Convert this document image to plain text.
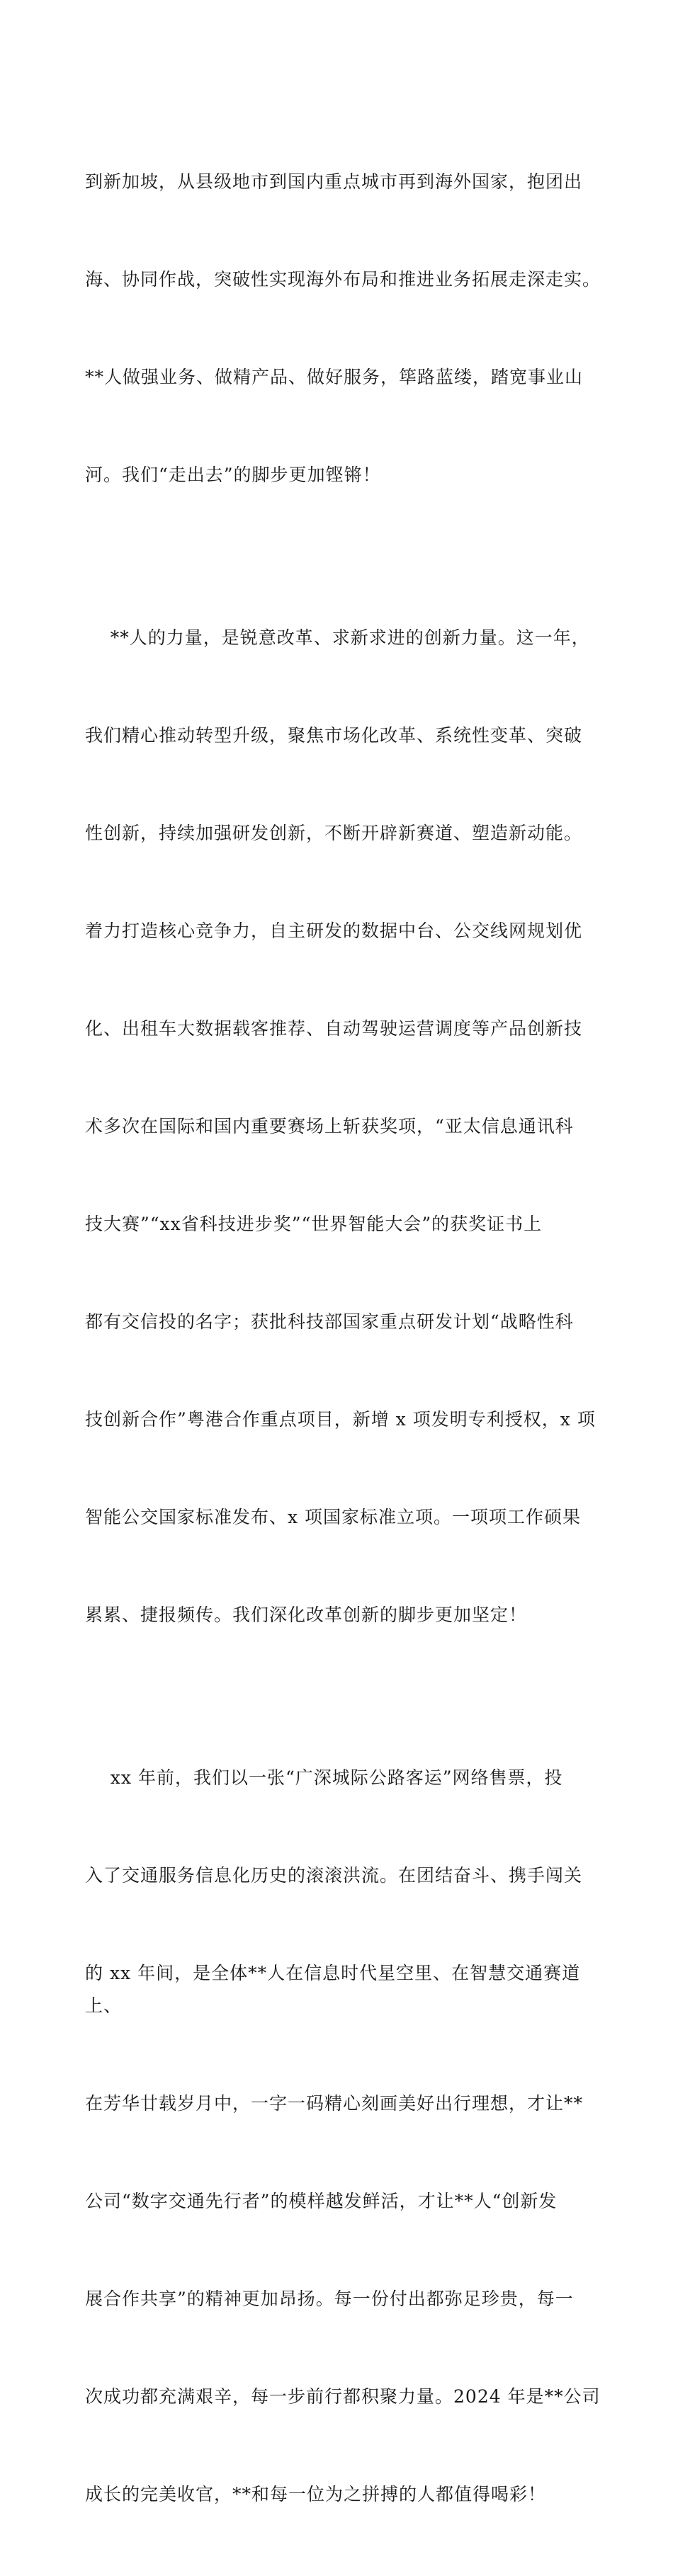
到新加坡，从县级地市到国内重点城市再到海外国家，抱团出

海、协同作战，突破性实现海外布局和推进业务拓展走深走实。

**人做强业务、做精产品、做好服务，筚路蓝缕，踏宽事业山

河。我们“走出去”的脚步更加铿锵！

**人的力量，是锐意改革、求新求进的创新力量。这一年，

我们精心推动转型升级，聚焦市场化改革、系统性变革、突破

性创新，持续加强研发创新，不断开辟新赛道、塑造新动能。

着力打造核心竞争力，自主研发的数据中台、公交线网规划优

化、出租车大数据载客推荐、自动驾驶运营调度等产品创新技

术多次在国际和国内重要赛场上斩获奖项，“亚太信息通讯科

技大赛”“xx省科技进步奖”“世界智能大会”的获奖证书上

都有交信投的名字；获批科技部国家重点研发计划“战略性科

技创新合作”粤港合作重点项目，新增 x 项发明专利授权，x 项

智能公交国家标准发布、x 项国家标准立项。一项项工作硕果

累累、捷报频传。我们深化改革创新的脚步更加坚定！

xx 年前，我们以一张“广深城际公路客运”网络售票，投

入了交通服务信息化历史的滚滚洪流。在团结奋斗、携手闯关

的 xx 年间，是全体**人在信息时代星空里、在智慧交通赛道上、

在芳华廿载岁月中，一字一码精心刻画美好出行理想，才让**

公司“数字交通先行者”的模样越发鲜活，才让**人“创新发

展合作共享”的精神更加昂扬。每一份付出都弥足珍贵，每一

次成功都充满艰辛，每一步前行都积聚力量。2024 年是**公司

成长的完美收官，**和每一位为之拼搏的人都值得喝彩！
